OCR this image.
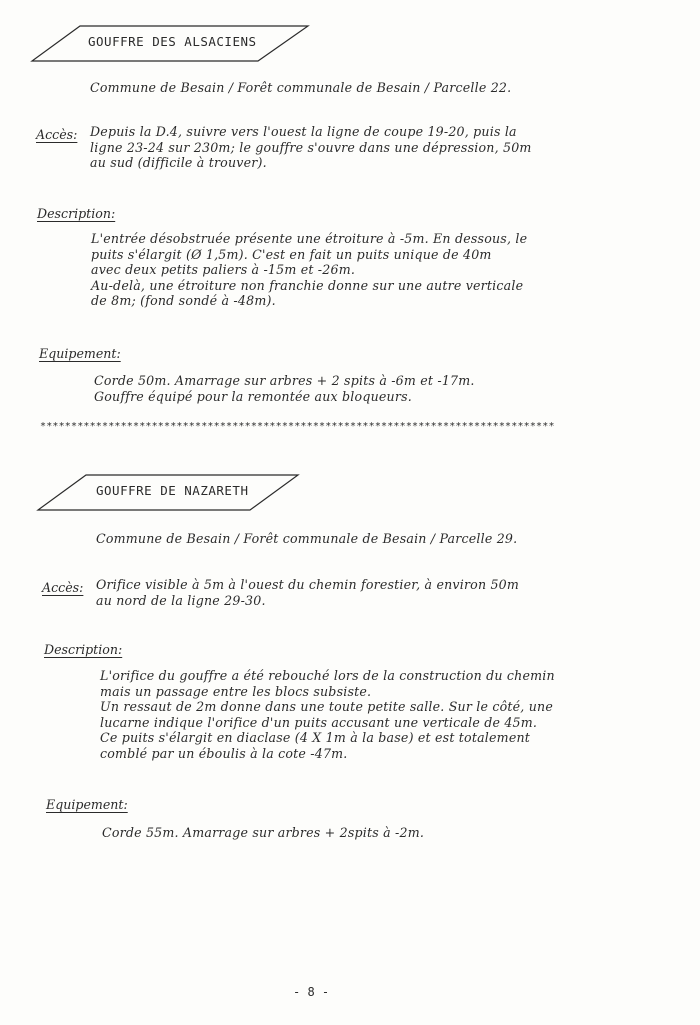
GOUFFRE DES ALSACIENS
Commune de Besain / Forêt communale de Besain / Parcelle 22.
Accès: Depuis la D.4, suivre vers l'ouest la ligne de coupe 19-20, puis la
ligne 23-24 sur 230m; le gouffre s'ouvre dans une dépression, 50m
au sud (difficile à trouver).
Description:
L'entrée désobstruée présente une étroiture à -5m. En dessous, le
puits s'élargit (Ø 1,5m). C'est en fait un puits unique de 40m
avec deux petits paliers à -15m et -26m.
Au-delà, une étroiture non franchie donne sur une autre verticale
de 8m; (fond sondé à -48m).
Equipement:
Corde 50m. Amarrage sur arbres + 2 spits à -6m et -17m.
Gouffre équipé pour la remontée aux bloqueurs.
***********************************************************************************
GOUFFRE DE NAZARETH
Commune de Besain / Forêt communale de Besain / Parcelle 29.
Accès: Orifice visible à 5m à l'ouest du chemin forestier, à environ 50m
au nord de la ligne 29-30.
Description:
L'orifice du gouffre a été rebouché lors de la construction du chemin
mais un passage entre les blocs subsiste.
Un ressaut de 2m donne dans une toute petite salle. Sur le côté, une
lucarne indique l'orifice d'un puits accusant une verticale de 45m.
Ce puits s'élargit en diaclase (4 X 1m à la base) et est totalement
comblé par un éboulis à la cote -47m.
Equipement:
Corde 55m. Amarrage sur arbres + 2spits à -2m.
- 8 -
